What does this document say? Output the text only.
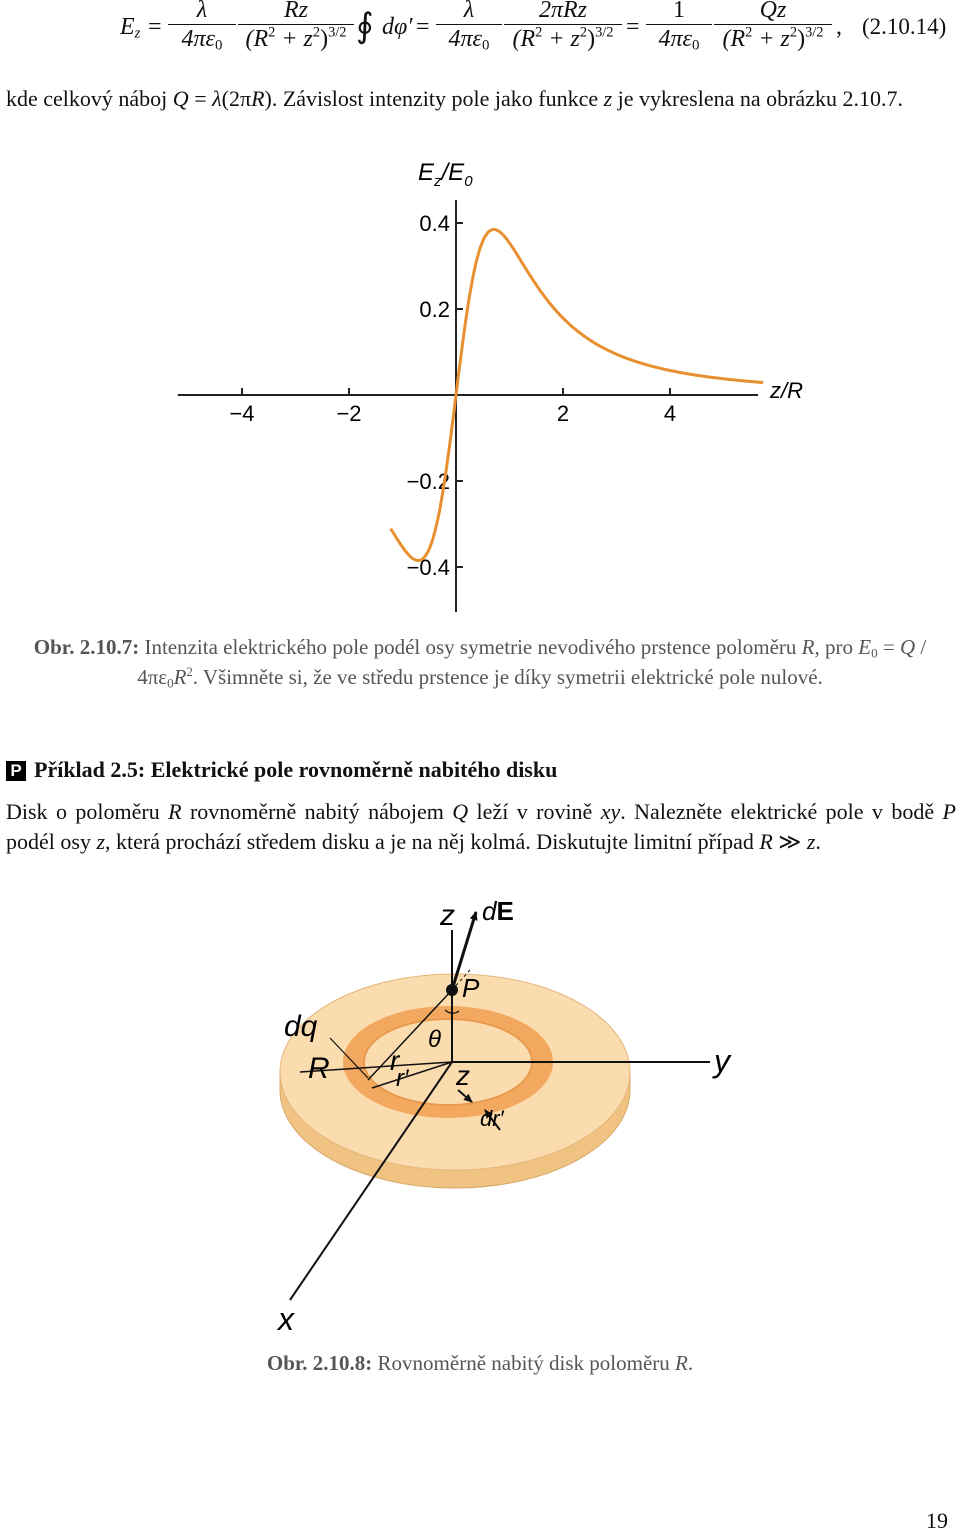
$E_z$ =
λ
$4\pi\varepsilon_0$
Rz
$(R^2 + z^2)^{3/2}$ ∮ dφ′ =
λ
$4\pi\varepsilon_0$
2πRz
$(R^2 + z^2)^{3/2}$ =
1
$4\pi\varepsilon_0$
Qz
$(R^2 + z^2)^{3/2}$ , (2.10.14)

kde celkový náboj Q = λ(2πR). Závislost intenzity pole jako funkce z je vykreslena na obrázku 2.10.7.

$E_z/E_0$
−4	−2	2	4
0.4
0.2
−0.2
−0.4
z/R
Obr. 2.10.7: Intenzita elektrického pole podél osy symetrie nevodivého prstence poloměru R, pro $E_0 = Q / 4\pi\varepsilon_0R^2$. Všimněte si, že ve středu prstence je díky symetrii elektrické pole nulové.
P Příklad 2.5: Elektrické pole rovnoměrně nabitého disku

Disk o poloměru R rovnoměrně nabitý nábojem Q leží v rovině xy. Nalezněte elektrické pole v bodě P podél osy z, která prochází středem disku a je na něj kolmá. Diskutujte limitní případ R ≫ z.

z dE
P
θ
dq
r z
R	r′
dr′
y
x
Obr. 2.10.8: Rovnoměrně nabitý disk poloměru R.
19
